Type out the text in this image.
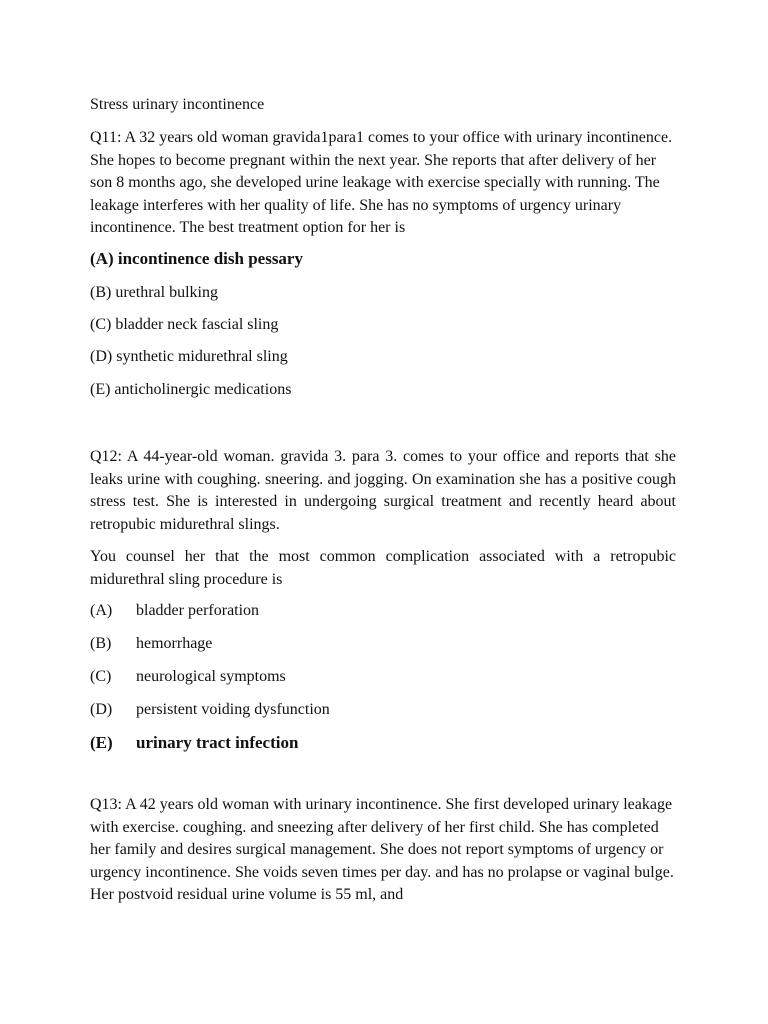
Stress urinary incontinence

Q11: A 32 years old woman gravida1para1 comes to your office with urinary incontinence. She hopes to become pregnant within the next year. She reports that after delivery of her son 8 months ago, she developed urine leakage with exercise specially with running. The leakage interferes with her quality of life. She has no symptoms of urgency urinary incontinence. The best treatment option for her is

(A) incontinence dish pessary

(B) urethral bulking

(C) bladder neck fascial sling

(D) synthetic midurethral sling

(E) anticholinergic medications

Q12: A 44-year-old woman. gravida 3. para 3. comes to your office and reports that she leaks urine with coughing. sneering. and jogging. On examination she has a positive cough stress test. She is interested in undergoing surgical treatment and recently heard about retropubic midurethral slings.

You counsel her that the most common complication associated with a retropubic midurethral sling procedure is

(A) bladder perforation

(B) hemorrhage

(C) neurological symptoms

(D) persistent voiding dysfunction

(E) urinary tract infection

Q13: A 42 years old woman with urinary incontinence. She first developed urinary leakage with exercise. coughing. and sneezing after delivery of her first child. She has completed her family and desires surgical management. She does not report symptoms of urgency or urgency incontinence. She voids seven times per day. and has no prolapse or vaginal bulge. Her postvoid residual urine volume is 55 ml, and
